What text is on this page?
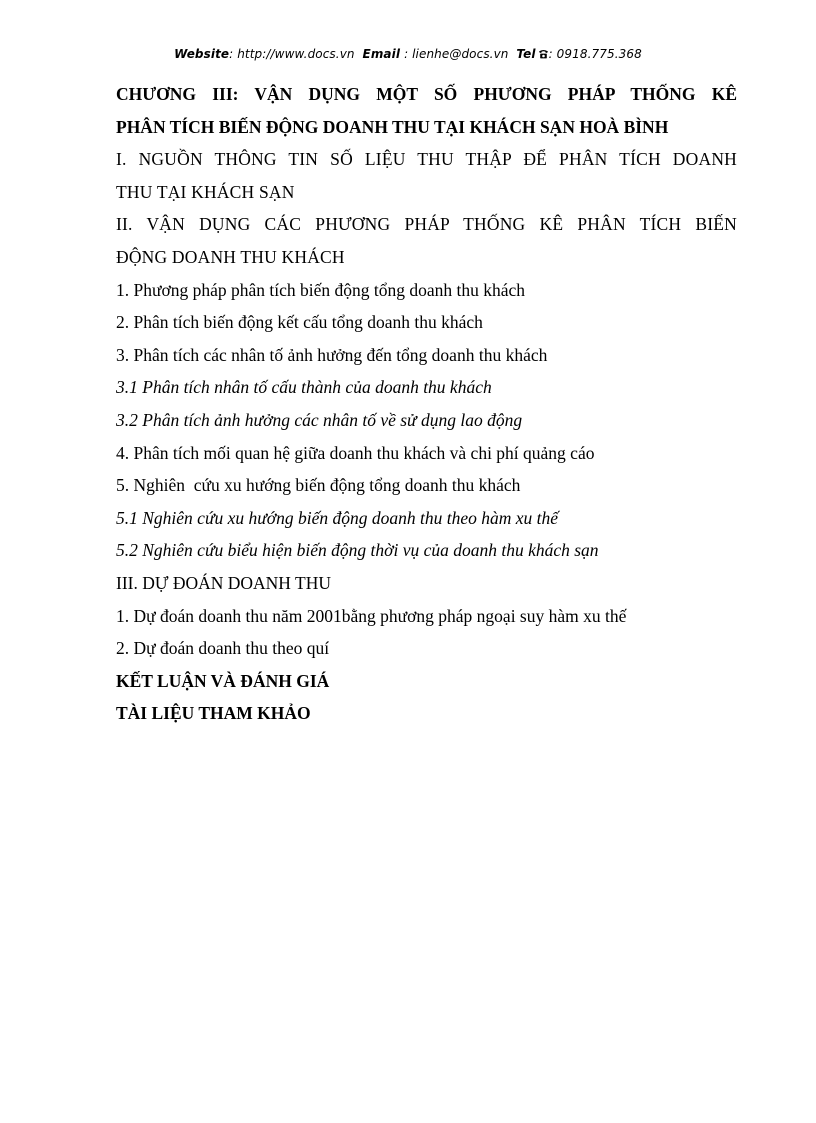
Website: http://www.docs.vn Email : lienhe@docs.vn Tel : 0918.775.368
CHƯƠNG III: VẬN DỤNG MỘT SỐ PHƯƠNG PHÁP THỐNG KÊ
PHÂN TÍCH BIẾN ĐỘNG DOANH THU TẠI KHÁCH SẠN HOÀ BÌNH
I. NGUỒN THÔNG TIN SỐ LIỆU THU THẬP ĐỂ PHÂN TÍCH DOANH
THU TẠI KHÁCH SẠN
II. VẬN DỤNG CÁC PHƯƠNG PHÁP THỐNG KÊ PHÂN TÍCH BIẾN
ĐỘNG DOANH THU KHÁCH
1. Phương pháp phân tích biến động tổng doanh thu khách
2. Phân tích biến động kết cấu tổng doanh thu khách
3. Phân tích các nhân tố ảnh hưởng đến tổng doanh thu khách
3.1 Phân tích nhân tố cấu thành của doanh thu khách
3.2 Phân tích ảnh hưởng các nhân tố về sử dụng lao động
4. Phân tích mối quan hệ giữa doanh thu khách và chi phí quảng cáo
5. Nghiên  cứu xu hướng biến động tổng doanh thu khách
5.1 Nghiên cứu xu hướng biến động doanh thu theo hàm xu thế
5.2 Nghiên cứu biểu hiện biến động thời vụ của doanh thu khách sạn
III. DỰ ĐOÁN DOANH THU
1. Dự đoán doanh thu năm 2001bằng phương pháp ngoại suy hàm xu thế
2. Dự đoán doanh thu theo quí
KẾT LUẬN VÀ ĐÁNH GIÁ
TÀI LIỆU THAM KHẢO
